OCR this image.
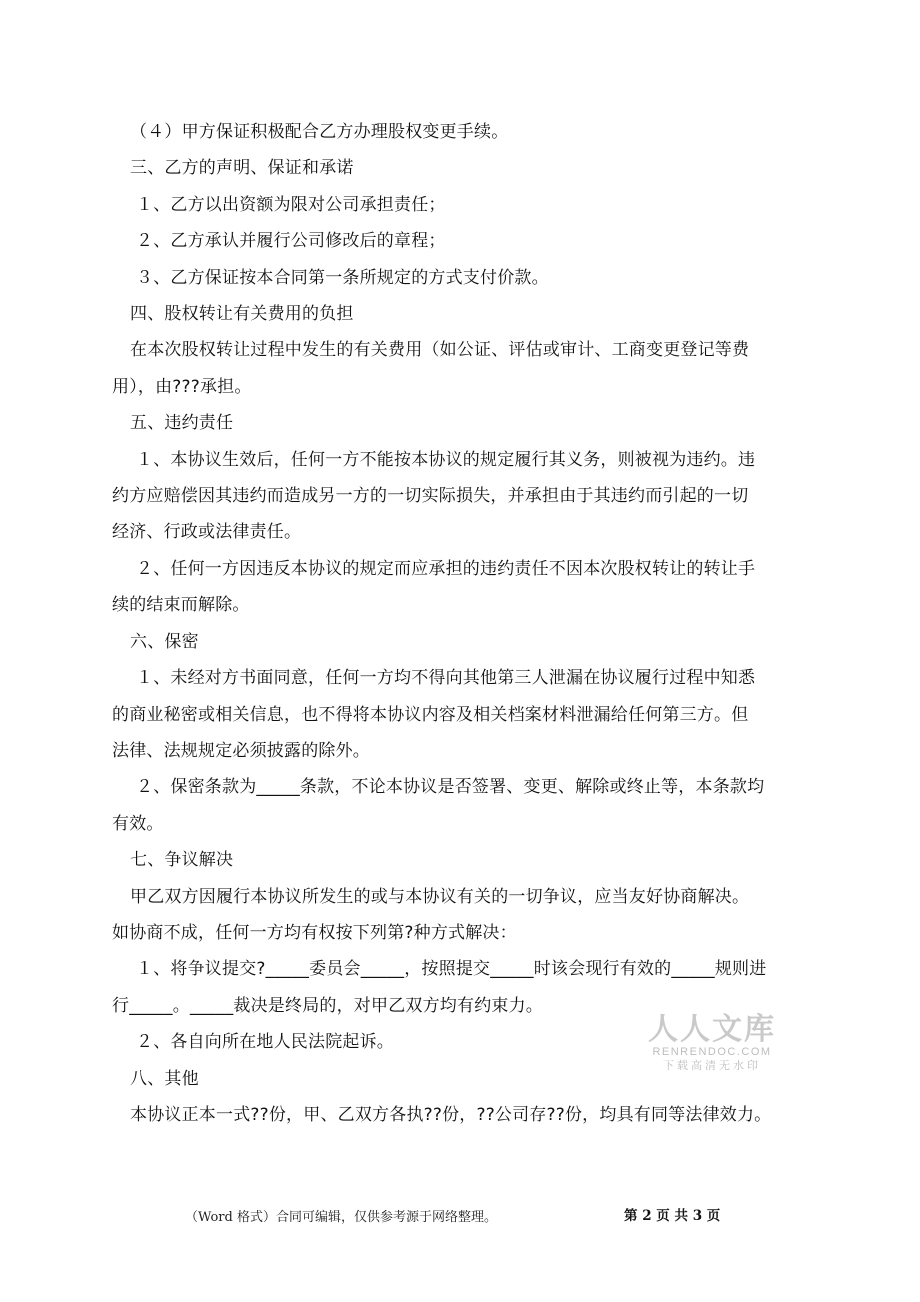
（４）甲方保证积极配合乙方办理股权变更手续。
三、乙方的声明、保证和承诺
１、乙方以出资额为限对公司承担责任；
２、乙方承认并履行公司修改后的章程；
３、乙方保证按本合同第一条所规定的方式支付价款。
四、股权转让有关费用的负担
在本次股权转让过程中发生的有关费用（如公证、评估或审计、工商变更登记等费
用），由???承担。
五、违约责任
１、本协议生效后，任何一方不能按本协议的规定履行其义务，则被视为违约。违
约方应赔偿因其违约而造成另一方的一切实际损失，并承担由于其违约而引起的一切
经济、行政或法律责任。
２、任何一方因违反本协议的规定而应承担的违约责任不因本次股权转让的转让手
续的结束而解除。
六、保密
１、未经对方书面同意，任何一方均不得向其他第三人泄漏在协议履行过程中知悉
的商业秘密或相关信息，也不得将本协议内容及相关档案材料泄漏给任何第三方。但
法律、法规规定必须披露的除外。
２、保密条款为_____条款，不论本协议是否签署、变更、解除或终止等，本条款均
有效。
七、争议解决
甲乙双方因履行本协议所发生的或与本协议有关的一切争议，应当友好协商解决。
如协商不成，任何一方均有权按下列第?种方式解决：
１、将争议提交?_____委员会_____，按照提交_____时该会现行有效的_____规则进
行_____。_____裁决是终局的，对甲乙双方均有约束力。
２、各自向所在地人民法院起诉。
八、其他
本协议正本一式??份，甲、乙双方各执??份，??公司存??份，均具有同等法律效力。
人人文库
RENRENDOC.COM
下载高清无水印
（Word 格式）合同可编辑，仅供参考源于网络整理。	第 2 页 共 3 页
